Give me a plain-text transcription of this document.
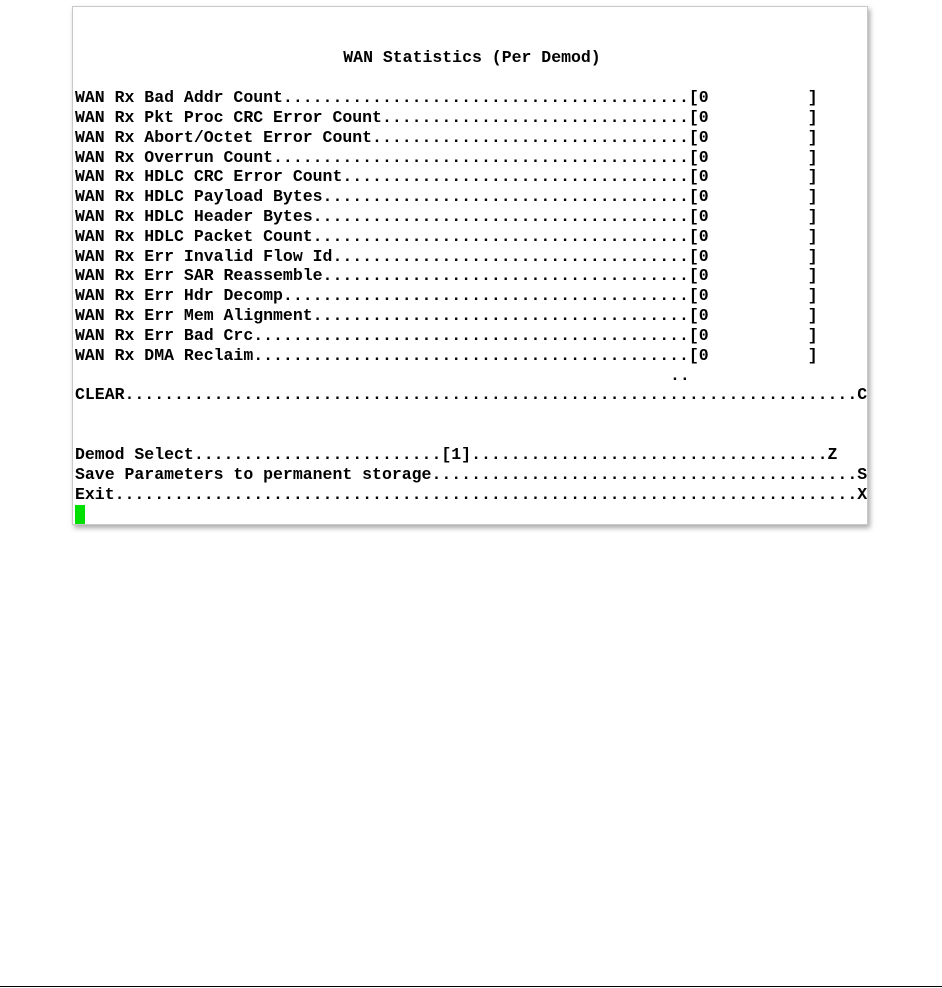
WAN Statistics (Per Demod)
WAN Rx Bad Addr Count.........................................[0          ]
WAN Rx Pkt Proc CRC Error Count...............................[0          ]
WAN Rx Abort/Octet Error Count................................[0          ]
WAN Rx Overrun Count..........................................[0          ]
WAN Rx HDLC CRC Error Count...................................[0          ]
WAN Rx HDLC Payload Bytes.....................................[0          ]
WAN Rx HDLC Header Bytes......................................[0          ]
WAN Rx HDLC Packet Count......................................[0          ]
WAN Rx Err Invalid Flow Id....................................[0          ]
WAN Rx Err SAR Reassemble.....................................[0          ]
WAN Rx Err Hdr Decomp.........................................[0          ]
WAN Rx Err Mem Alignment......................................[0          ]
WAN Rx Err Bad Crc............................................[0          ]
WAN Rx DMA Reclaim............................................[0          ]
..
CLEAR..........................................................................C
Demod Select.........................[1]....................................Z
Save Parameters to permanent storage...........................................S
Exit...........................................................................X
